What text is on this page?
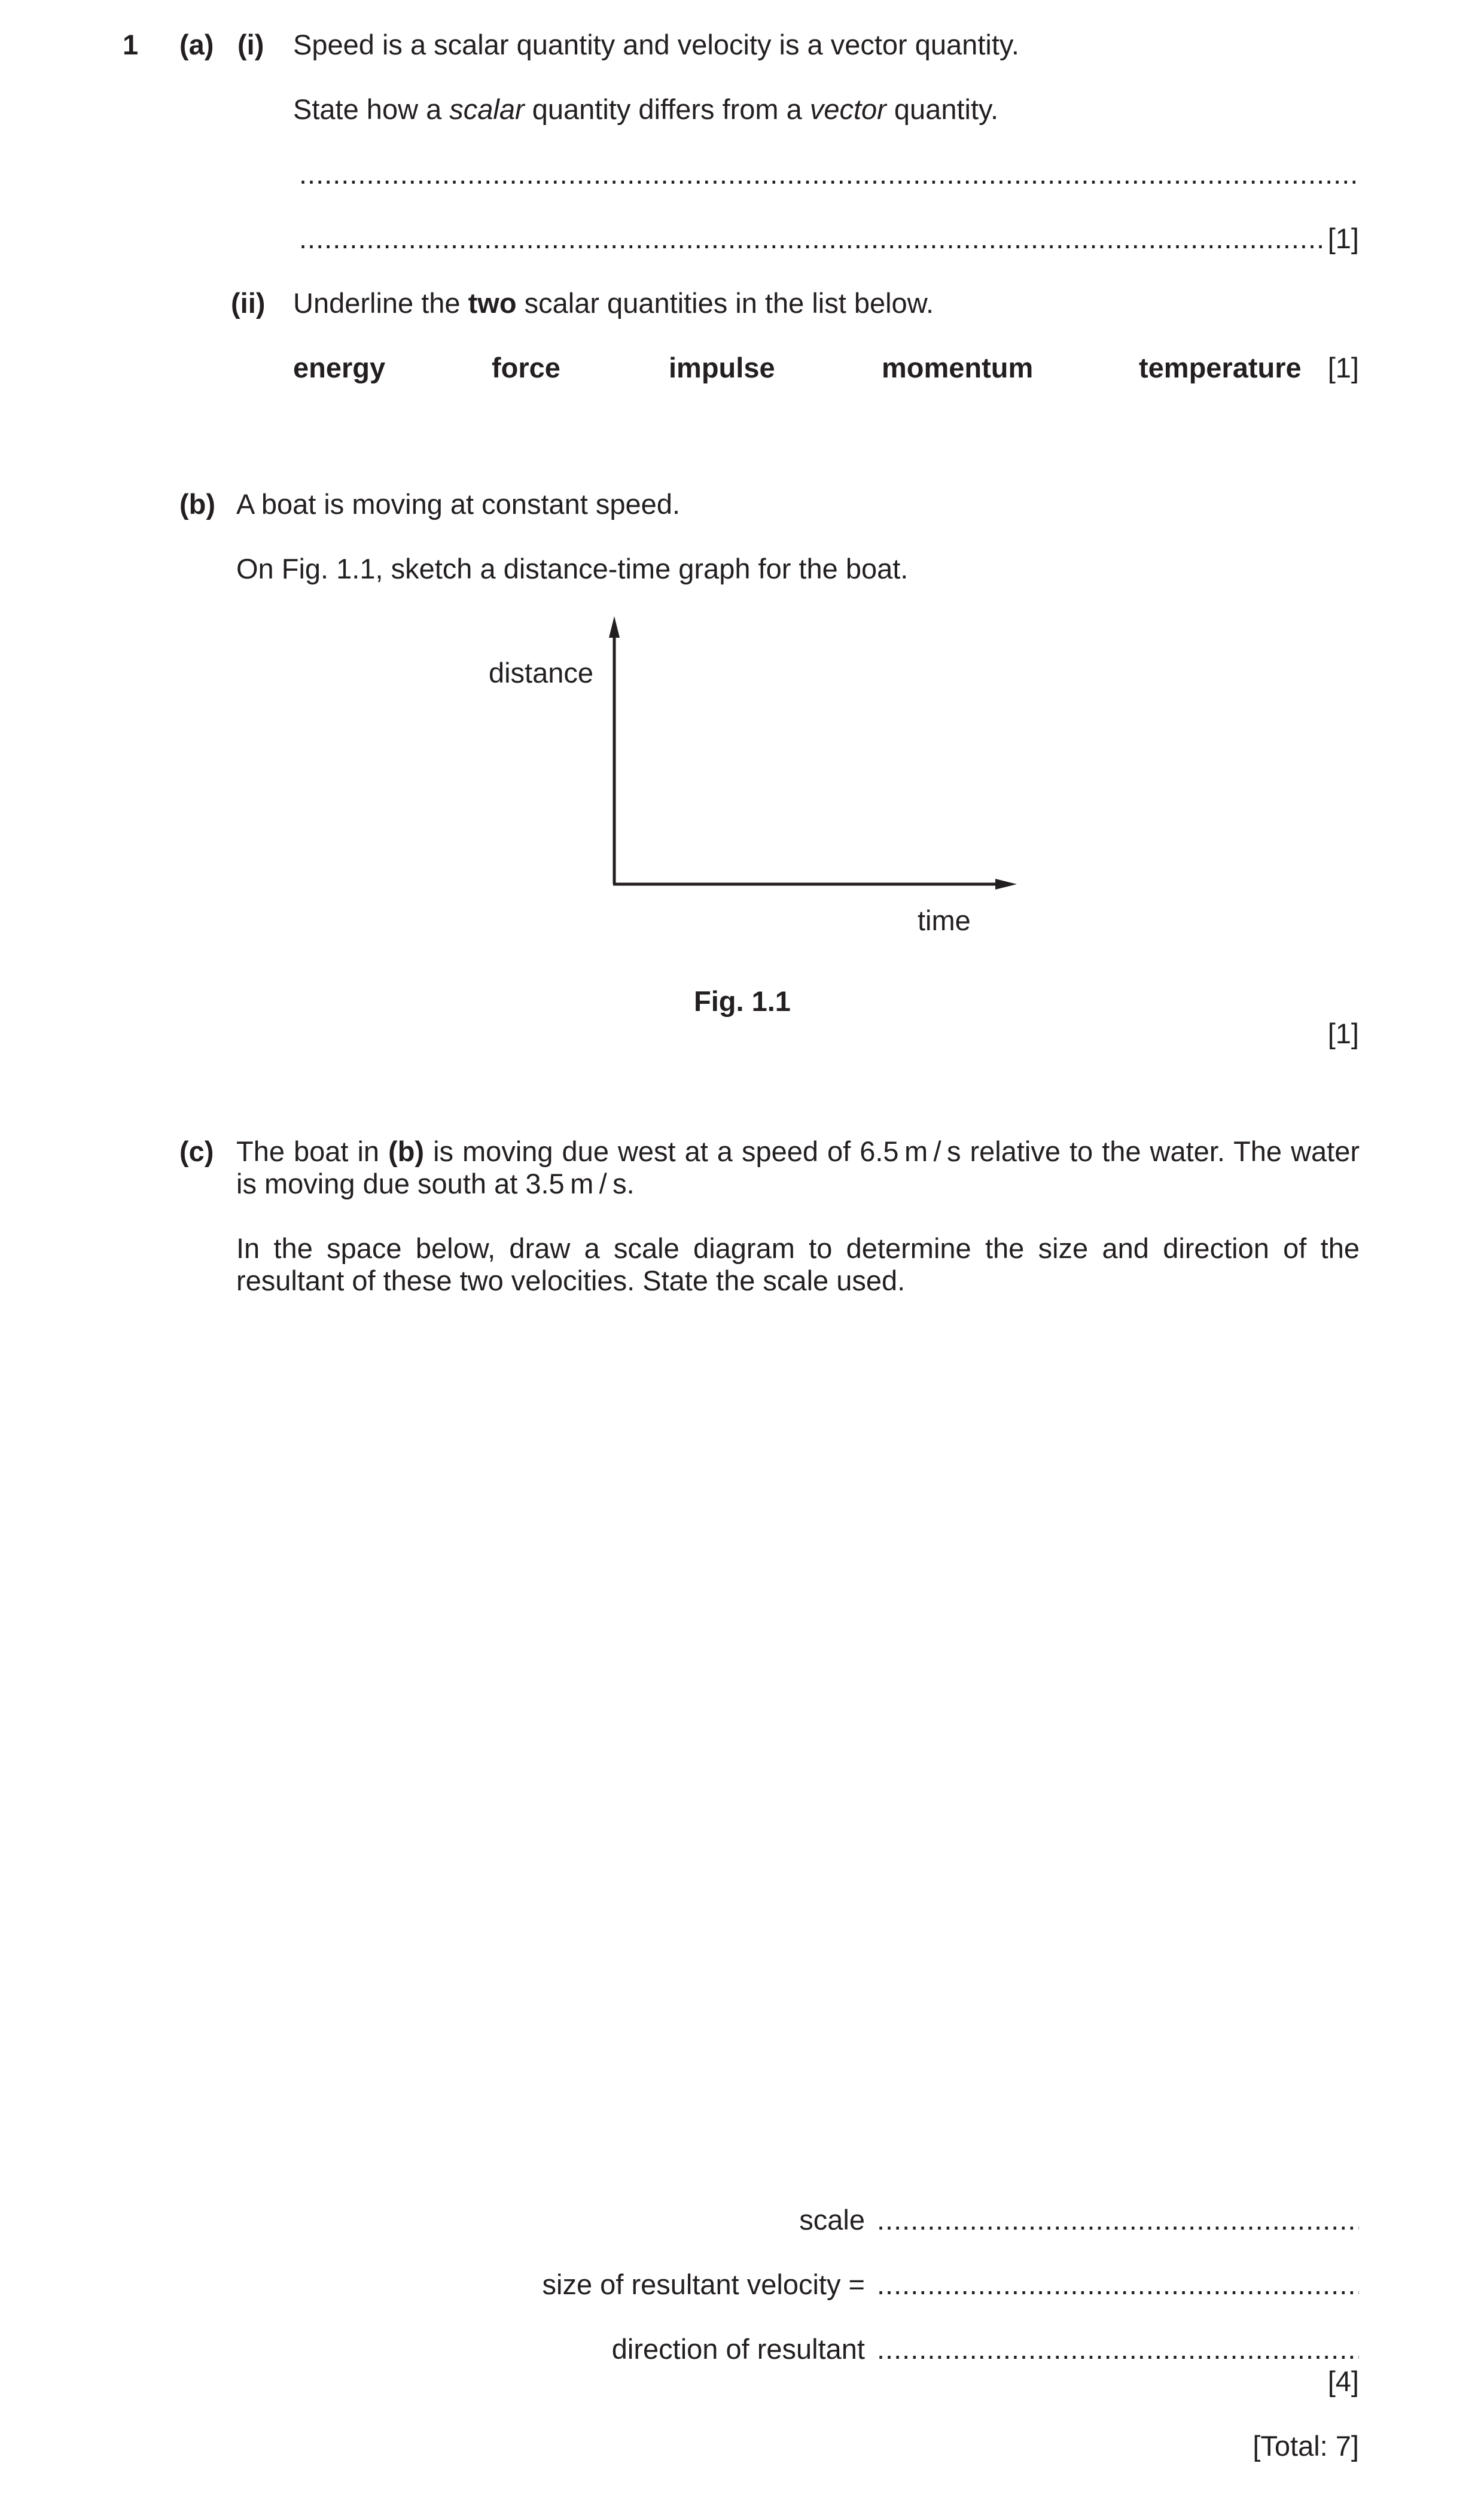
1 (a) (i) Speed is a scalar quantity and velocity is a vector quantity.

State how a scalar quantity differs from a vector quantity.

.....
.....
[1]
(ii) Underline the two scalar quantities in the list below.

energy	force	impulse	momentum	temperature [1]
(b) A boat is moving at constant speed.
On Fig. 1.1, sketch a distance-time graph for the boat.
distance
time
Fig. 1.1
[1]
(c) The boat in (b) is moving due west at a speed of 6.5 m / s relative to the water. The water is moving due south at 3.5 m / s.

In the space below, draw a scale diagram to determine the size and direction of the resultant of these two velocities. State the scale used.

scale
.....
size of resultant velocity =
.....
direction of resultant
.....
[4]
[Total: 7]
